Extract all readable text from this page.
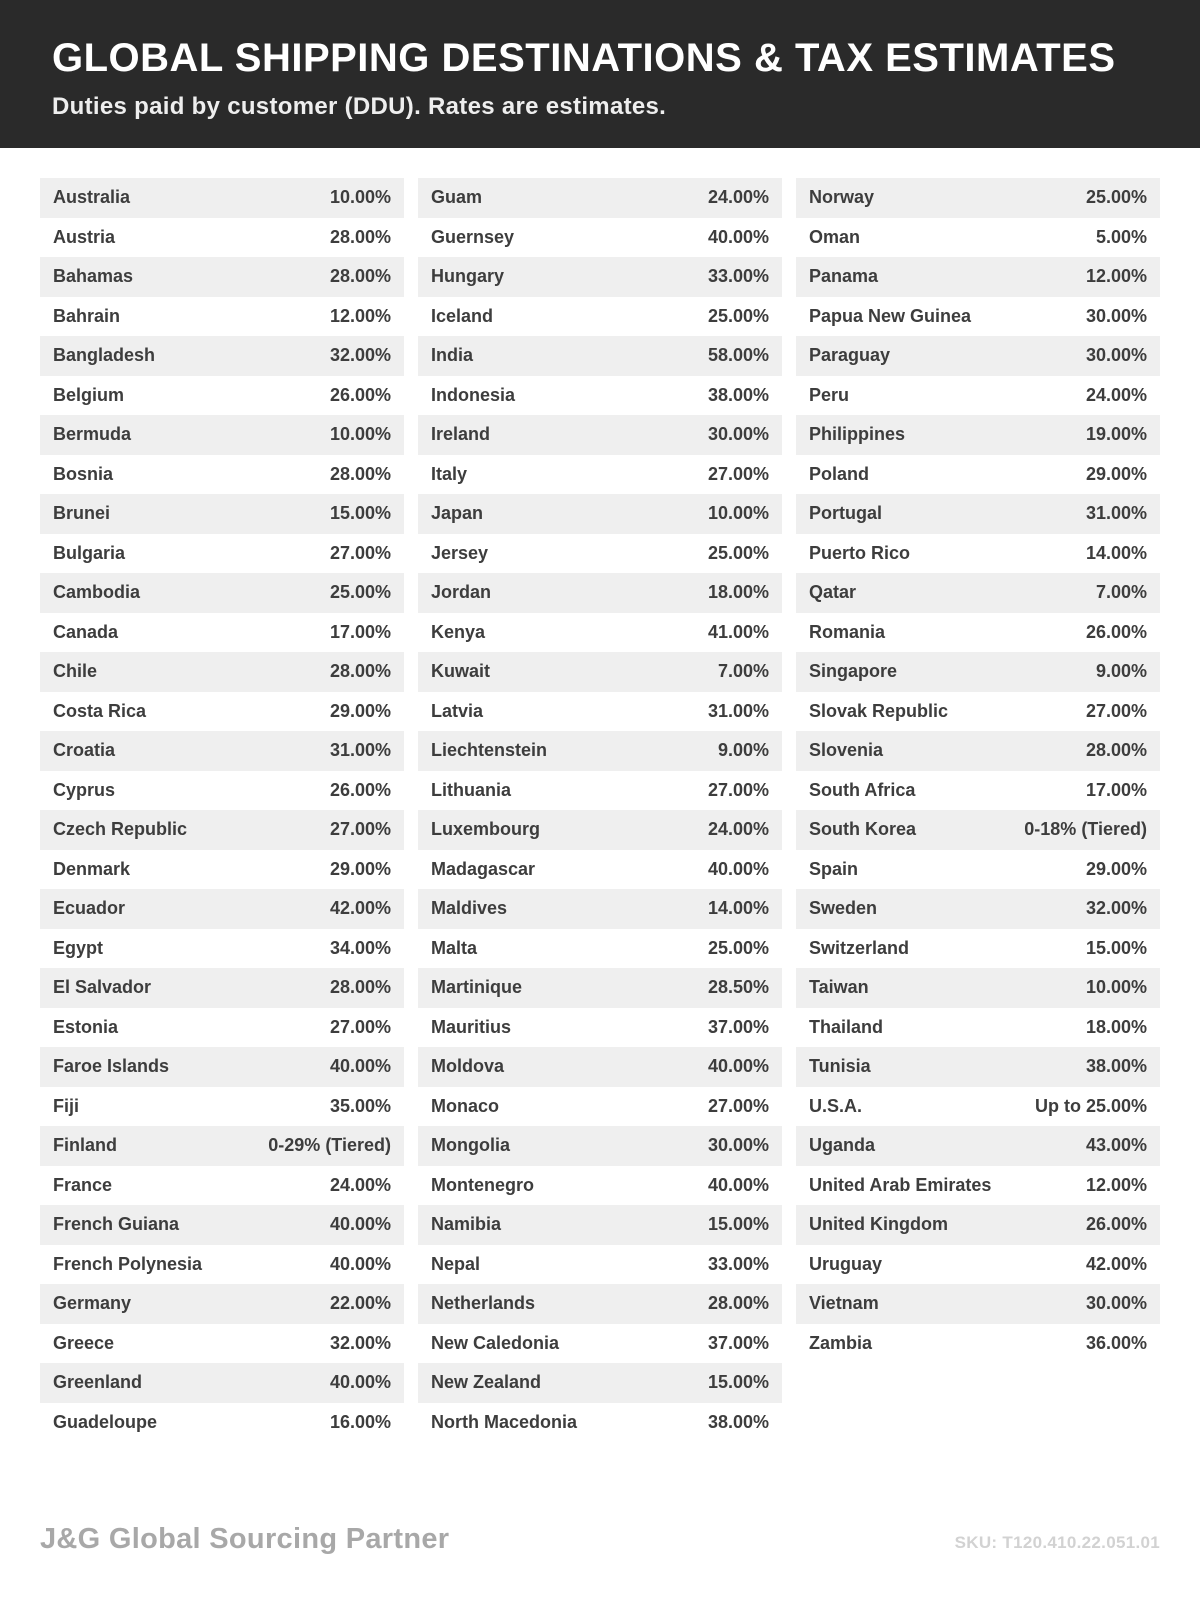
GLOBAL SHIPPING DESTINATIONS & TAX ESTIMATES

Duties paid by customer (DDU). Rates are estimates.

Australia	10.00%
Austria	28.00%
Bahamas	28.00%
Bahrain	12.00%
Bangladesh	32.00%
Belgium	26.00%
Bermuda	10.00%
Bosnia	28.00%
Brunei	15.00%
Bulgaria	27.00%
Cambodia	25.00%
Canada	17.00%
Chile	28.00%
Costa Rica	29.00%
Croatia	31.00%
Cyprus	26.00%
Czech Republic	27.00%
Denmark	29.00%
Ecuador	42.00%
Egypt	34.00%
El Salvador	28.00%
Estonia	27.00%
Faroe Islands	40.00%
Fiji	35.00%
Finland	0-29% (Tiered)
France	24.00%
French Guiana	40.00%
French Polynesia	40.00%
Germany	22.00%
Greece	32.00%
Greenland	40.00%
Guadeloupe	16.00%
Guam	24.00%
Guernsey	40.00%
Hungary	33.00%
Iceland	25.00%
India	58.00%
Indonesia	38.00%
Ireland	30.00%
Italy	27.00%
Japan	10.00%
Jersey	25.00%
Jordan	18.00%
Kenya	41.00%
Kuwait	7.00%
Latvia	31.00%
Liechtenstein	9.00%
Lithuania	27.00%
Luxembourg	24.00%
Madagascar	40.00%
Maldives	14.00%
Malta	25.00%
Martinique	28.50%
Mauritius	37.00%
Moldova	40.00%
Monaco	27.00%
Mongolia	30.00%
Montenegro	40.00%
Namibia	15.00%
Nepal	33.00%
Netherlands	28.00%
New Caledonia	37.00%
New Zealand	15.00%
North Macedonia	38.00%
Norway	25.00%
Oman	5.00%
Panama	12.00%
Papua New Guinea	30.00%
Paraguay	30.00%
Peru	24.00%
Philippines	19.00%
Poland	29.00%
Portugal	31.00%
Puerto Rico	14.00%
Qatar	7.00%
Romania	26.00%
Singapore	9.00%
Slovak Republic	27.00%
Slovenia	28.00%
South Africa	17.00%
South Korea	0-18% (Tiered)
Spain	29.00%
Sweden	32.00%
Switzerland	15.00%
Taiwan	10.00%
Thailand	18.00%
Tunisia	38.00%
U.S.A.	Up to 25.00%
Uganda	43.00%
United Arab Emirates	12.00%
United Kingdom	26.00%
Uruguay	42.00%
Vietnam	30.00%
Zambia	36.00%
J&G Global Sourcing Partner	SKU: T120.410.22.051.01
